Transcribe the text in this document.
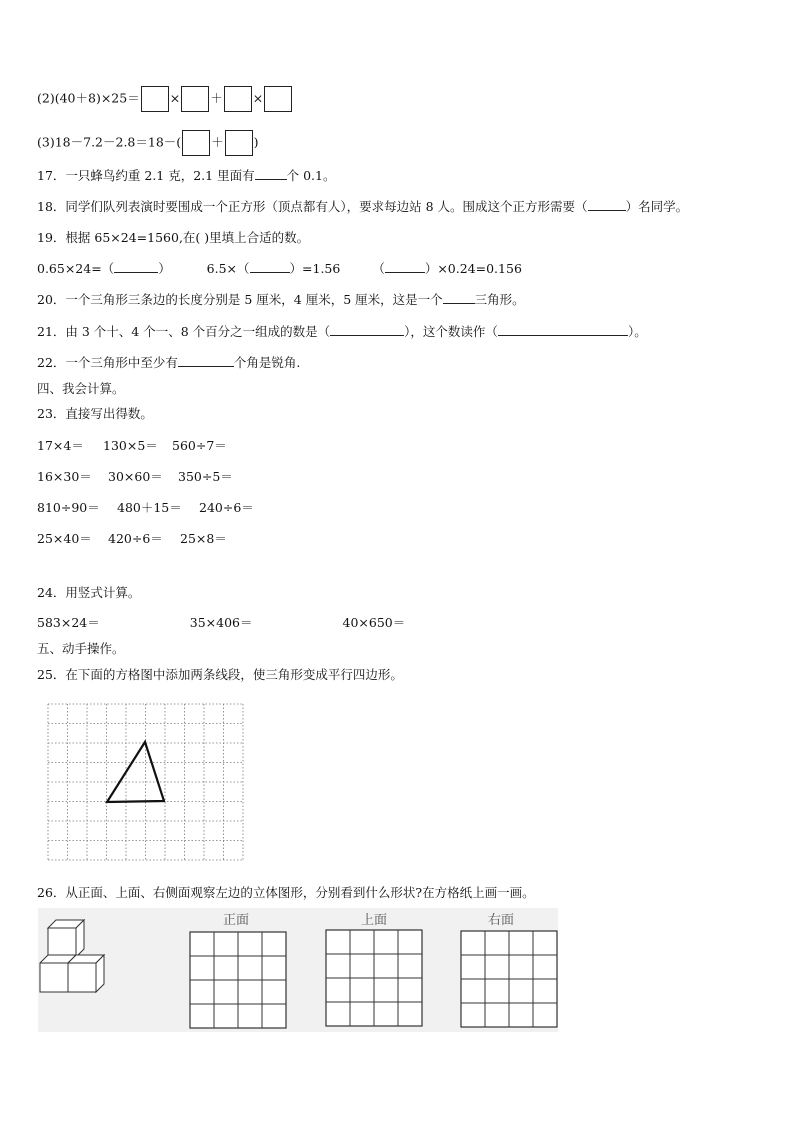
(2)(40＋8)×25＝ × ＋ ×
(3)18－7.2－2.8＝18－( ＋ )
17．一只蜂鸟约重 2.1 克，2.1 里面有	个 0.1。
18．同学们队列表演时要围成一个正方形（顶点都有人），要求每边站 8 人。围成这个正方形需要（	）名同学。
19．根据 65×24=1560,在( )里填上合适的数。
0.65×24=（	）	6.5×（	）=1.56	（	）×0.24=0.156
20．一个三角形三条边的长度分别是 5 厘米，4 厘米，5 厘米，这是一个	三角形。
21．由 3 个十、4 个一、8 个百分之一组成的数是（	），这个数读作（	）。
22．一个三角形中至少有	个角是锐角.
四、我会计算。
23．直接写出得数。
17×4＝ 130×5＝ 560÷7＝
16×30＝ 30×60＝ 350÷5＝
810÷90＝ 480＋15＝ 240÷6＝
25×40＝ 420÷6＝ 25×8＝
24．用竖式计算。
583×24＝	35×406＝	40×650＝
五、动手操作。
25．在下面的方格图中添加两条线段，使三角形变成平行四边形。
26．从正面、上面、右侧面观察左边的立体图形，分别看到什么形状?在方格纸上画一画。
正面	上面	右面
